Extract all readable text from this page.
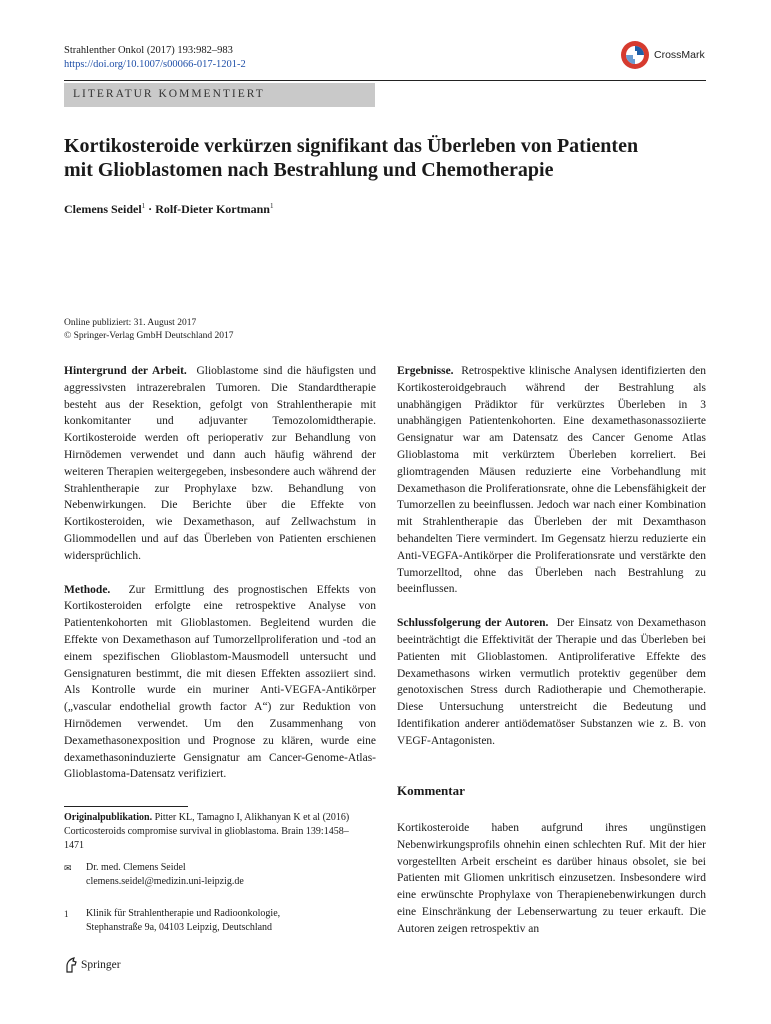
Strahlenther Onkol (2017) 193:982–983
https://doi.org/10.1007/s00066-017-1201-2
CrossMark
LITERATUR KOMMENTIERT
Kortikosteroide verkürzen signifikant das Überleben von Patienten
mit Glioblastomen nach Bestrahlung und Chemotherapie
Clemens Seidel$^1$ · Rolf-Dieter Kortmann$^1$
Online publiziert: 31. August 2017
© Springer-Verlag GmbH Deutschland 2017

Hintergrund der Arbeit. Glioblastome sind die häufigsten und aggressivsten intrazerebralen Tumoren. Die Standardtherapie besteht aus der Resektion, gefolgt von Strahlentherapie mit konkomitanter und adjuvanter Temozolomidtherapie. Kortikosteroide werden oft perioperativ zur Behandlung von Hirnödemen verwendet und dann auch häufig während der weiteren Therapien weitergegeben, insbesondere auch während der Strahlentherapie zur Prophylaxe bzw. Behandlung von Nebenwirkungen. Die Berichte über die Effekte von Kortikosteroiden, wie Dexamethason, auf Zellwachstum in Gliommodellen und auf das Überleben von Patienten erschienen widersprüchlich.

Methode. Zur Ermittlung des prognostischen Effekts von Kortikosteroiden erfolgte eine retrospektive Analyse von Patientenkohorten mit Glioblastomen. Begleitend wurden die Effekte von Dexamethason auf Tumorzellproliferation und -tod an einem spezifischen Glioblastom-Mausmodell untersucht und Gensignaturen bestimmt, die mit diesen Effekten assoziiert sind. Als Kontrolle wurde ein muriner Anti-VEGFA-Antikörper („vascular endothelial growth factor A“) zur Reduktion von Hirnödemen verwendet. Um den Zusammenhang von Dexamethasonexposition und Prognose zu klären, wurde eine dexamethasoninduzierte Gensignatur am Cancer-Genome-Atlas-Glioblastoma-Datensatz verifiziert.

Originalpublikation. Pitter KL, Tamagno I, Alikhanyan K et al (2016) Corticosteroids compromise survival in glioblastoma. Brain 139:1458–1471
✉	Dr. med. Clemens Seidel
clemens.seidel@medizin.uni-leipzig.de
1	Klinik für Strahlentherapie und Radioonkologie,
Stephanstraße 9a, 04103 Leipzig, Deutschland

Ergebnisse. Retrospektive klinische Analysen identifizierten den Kortikosteroidgebrauch während der Bestrahlung als unabhängigen Prädiktor für verkürztes Überleben in 3 unabhängigen Patientenkohorten. Eine dexamethasonassoziierte Gensignatur war am Datensatz des Cancer Genome Atlas Glioblastoma mit verkürztem Überleben korreliert. Bei gliomtragenden Mäusen reduzierte eine Vorbehandlung mit Dexamethason die Proliferationsrate, ohne die Lebensfähigkeit der Tumorzellen zu beeinflussen. Jedoch war nach einer Kombination mit Strahlentherapie das Überleben der mit Dexamthason behandelten Tiere vermindert. Im Gegensatz hierzu reduzierte ein Anti-VEGFA-Antikörper die Proliferationsrate und verstärkte den Tumorzelltod, ohne das Überleben nach Bestrahlung zu beeinflussen.

Schlussfolgerung der Autoren. Der Einsatz von Dexamethason beeinträchtigt die Effektivität der Therapie und das Überleben bei Patienten mit Glioblastomen. Antiproliferative Effekte des Dexamethasons wirken vermutlich protektiv gegenüber dem genotoxischen Stress durch Radiotherapie und Chemotherapie. Diese Untersuchung unterstreicht die Bedeutung und Identifikation anderer antiödematöser Substanzen wie z. B. von VEGF-Antagonisten.

Kommentar

Kortikosteroide haben aufgrund ihres ungünstigen Nebenwirkungsprofils ohnehin einen schlechten Ruf. Mit der hier vorgestellten Arbeit erscheint es darüber hinaus obsolet, sie bei Patienten mit Gliomen unkritisch einzusetzen. Insbesondere wird eine erwünschte Prophylaxe von Therapienebenwirkungen durch eine Einschränkung der Lebenserwartung zu teuer erkauft. Die Autoren zeigen retrospektiv an

Springer
